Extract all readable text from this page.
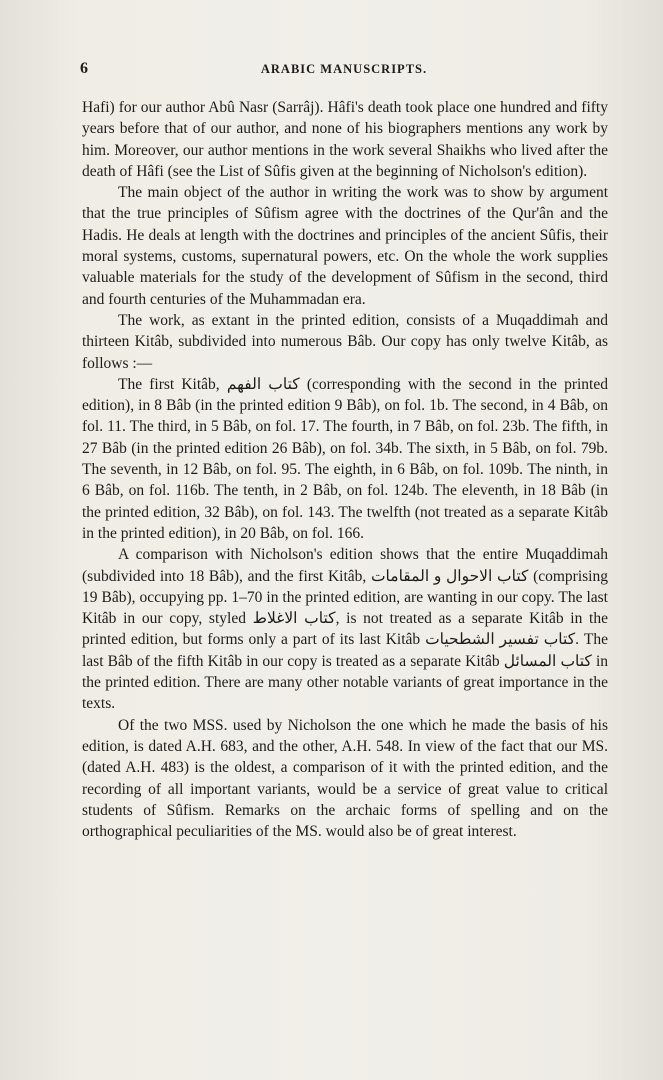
6	ARABIC MANUSCRIPTS.

Hafi) for our author Abû Nasr (Sarrâj). Hâfi's death took place one hundred and fifty years before that of our author, and none of his biographers mentions any work by him. Moreover, our author mentions in the work several Shaikhs who lived after the death of Hâfi (see the List of Sûfis given at the beginning of Nicholson's edition).

The main object of the author in writing the work was to show by argument that the true principles of Sûfism agree with the doctrines of the Qur'ân and the Hadis. He deals at length with the doctrines and principles of the ancient Sûfis, their moral systems, customs, supernatural powers, etc. On the whole the work supplies valuable materials for the study of the development of Sûfism in the second, third and fourth centuries of the Muhammadan era.

The work, as extant in the printed edition, consists of a Muqaddimah and thirteen Kitâb, subdivided into numerous Bâb. Our copy has only twelve Kitâb, as follows :—

The first Kitâb, كتاب الفهم (corresponding with the second in the printed edition), in 8 Bâb (in the printed edition 9 Bâb), on fol. 1b. The second, in 4 Bâb, on fol. 11. The third, in 5 Bâb, on fol. 17. The fourth, in 7 Bâb, on fol. 23b. The fifth, in 27 Bâb (in the printed edition 26 Bâb), on fol. 34b. The sixth, in 5 Bâb, on fol. 79b. The seventh, in 12 Bâb, on fol. 95. The eighth, in 6 Bâb, on fol. 109b. The ninth, in 6 Bâb, on fol. 116b. The tenth, in 2 Bâb, on fol. 124b. The eleventh, in 18 Bâb (in the printed edition, 32 Bâb), on fol. 143. The twelfth (not treated as a separate Kitâb in the printed edition), in 20 Bâb, on fol. 166.

A comparison with Nicholson's edition shows that the entire Muqaddimah (subdivided into 18 Bâb), and the first Kitâb, كتاب الاحوال و المقامات (comprising 19 Bâb), occupying pp. 1–70 in the printed edition, are wanting in our copy. The last Kitâb in our copy, styled كتاب الاغلاط, is not treated as a separate Kitâb in the printed edition, but forms only a part of its last Kitâb كتاب تفسير الشطحيات. The last Bâb of the fifth Kitâb in our copy is treated as a separate Kitâb كتاب المسائل in the printed edition. There are many other notable variants of great importance in the texts.

Of the two MSS. used by Nicholson the one which he made the basis of his edition, is dated A.H. 683, and the other, A.H. 548. In view of the fact that our MS. (dated A.H. 483) is the oldest, a comparison of it with the printed edition, and the recording of all important variants, would be a service of great value to critical students of Sûfism. Remarks on the archaic forms of spelling and on the orthographical peculiarities of the MS. would also be of great interest.
